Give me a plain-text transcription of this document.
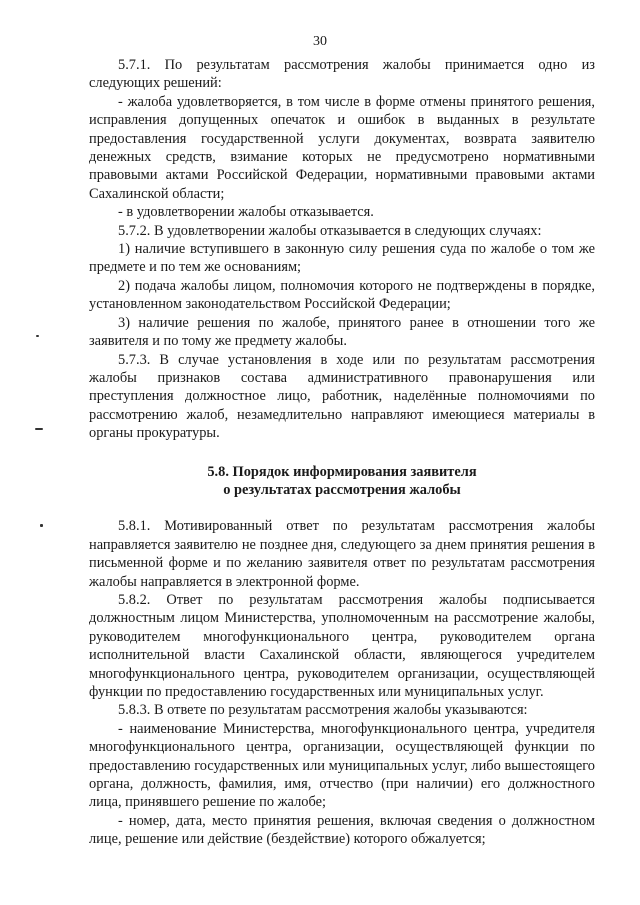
30

5.7.1. По результатам рассмотрения жалобы принимается одно из следующих решений:

- жалоба удовлетворяется, в том числе в форме отмены принятого решения, исправления допущенных опечаток и ошибок в выданных в результате предоставления государственной услуги документах, возврата заявителю денежных средств, взимание которых не предусмотрено нормативными правовыми актами Российской Федерации, нормативными правовыми актами Сахалинской области;

- в удовлетворении жалобы отказывается.

5.7.2. В удовлетворении жалобы отказывается в следующих случаях:

1) наличие вступившего в законную силу решения суда по жалобе о том же предмете и по тем же основаниям;

2) подача жалобы лицом, полномочия которого не подтверждены в порядке, установленном законодательством Российской Федерации;

3) наличие решения по жалобе, принятого ранее в отношении того же заявителя и по тому же предмету жалобы.

5.7.3. В случае установления в ходе или по результатам рассмотрения жалобы признаков состава административного правонарушения или преступления должностное лицо, работник, наделённые полномочиями по рассмотрению жалоб, незамедлительно направляют имеющиеся материалы в органы прокуратуры.

5.8. Порядок информирования заявителя
о результатах рассмотрения жалобы

5.8.1. Мотивированный ответ по результатам рассмотрения жалобы направляется заявителю не позднее дня, следующего за днем принятия решения в письменной форме и по желанию заявителя ответ по результатам рассмотрения жалобы направляется в электронной форме.

5.8.2. Ответ по результатам рассмотрения жалобы подписывается должностным лицом Министерства, уполномоченным на рассмотрение жалобы, руководителем многофункционального центра, руководителем органа исполнительной власти Сахалинской области, являющегося учредителем многофункционального центра, руководителем организации, осуществляющей функции по предоставлению государственных или муниципальных услуг.

5.8.3. В ответе по результатам рассмотрения жалобы указываются:

- наименование Министерства, многофункционального центра, учредителя многофункционального центра, организации, осуществляющей функции по предоставлению государственных или муниципальных услуг, либо вышестоящего органа, должность, фамилия, имя, отчество (при наличии) его должностного лица, принявшего решение по жалобе;

- номер, дата, место принятия решения, включая сведения о должностном лице, решение или действие (бездействие) которого обжалуется;
